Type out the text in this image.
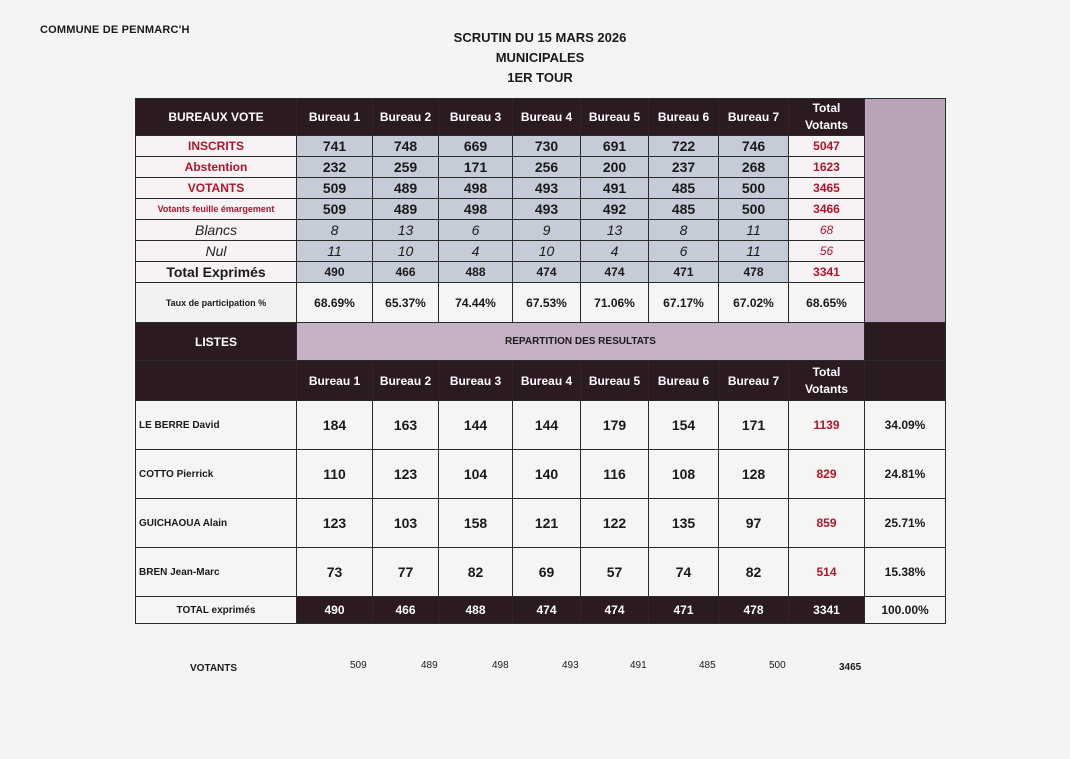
COMMUNE DE PENMARC'H	SCRUTIN DU 15 MARS 2026
MUNICIPALES
1ER TOUR
BUREAUX VOTE	Bureau 1	Bureau 2	Bureau 3	Bureau 4	Bureau 5	Bureau 6	Bureau 7	Total
Votants	

INSCRITS	741	748	669	730	691	722	746	5047	
Abstention	232	259	171	256	200	237	268	1623	
VOTANTS	509	489	498	493	491	485	500	3465	
Votants feuille émargement	509	489	498	493	492	485	500	3466	
Blancs	8	13	6	9	13	8	11	68	
Nul	11	10	4	10	4	6	11	56	
Total Exprimés	490	466	488	474	474	471	478	3341	
Taux de participation %	68.69%	65.37%	74.44%	67.53%	71.06%	67.17%	67.02%	68.65%	
LISTES	REPARTITION DES RESULTATS								
	Bureau 1	Bureau 2	Bureau 3	Bureau 4	Bureau 5	Bureau 6	Bureau 7	Total
Votants	

LE BERRE David	184	163	144	144	179	154	171	1139	34.09%
COTTO Pierrick	110	123	104	140	116	108	128	829	24.81%
GUICHAOUA Alain	123	103	158	121	122	135	97	859	25.71%
BREN Jean-Marc	73	77	82	69	57	74	82	514	15.38%
TOTAL exprimés	490	466	488	474	474	471	478	3341	100.00%
VOTANTS	509	489	498	493	491	485	500	3465
